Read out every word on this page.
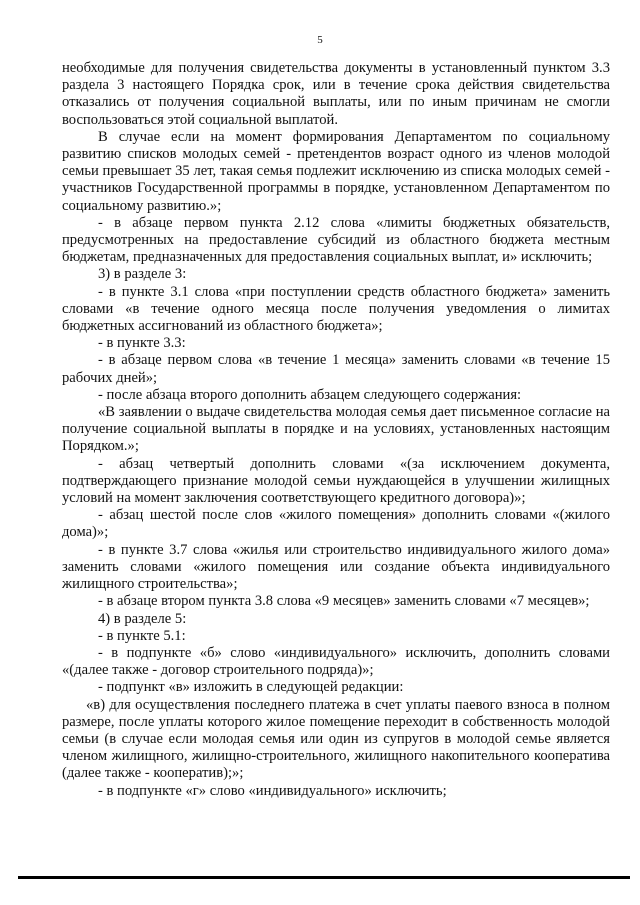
5

необходимые для получения свидетельства документы в установленный пунктом 3.3 раздела 3 настоящего Порядка срок, или в течение срока действия свидетельства отказались от получения социальной выплаты, или по иным причинам не смогли воспользоваться этой социальной выплатой.

В случае если на момент формирования Департаментом по социальному развитию списков молодых семей - претендентов возраст одного из членов молодой семьи превышает 35 лет, такая семья подлежит исключению из списка молодых семей - участников Государственной программы в порядке, установленном Департаментом по социальному развитию.»;

- в абзаце первом пункта 2.12 слова «лимиты бюджетных обязательств, предусмотренных на предоставление субсидий из областного бюджета местным бюджетам, предназначенных для предоставления социальных выплат, и» исключить;

3) в разделе 3:

- в пункте 3.1 слова «при поступлении средств областного бюджета» заменить словами «в течение одного месяца после получения уведомления о лимитах бюджетных ассигнований из областного бюджета»;

- в пункте 3.3:

- в абзаце первом слова «в течение 1 месяца» заменить словами «в течение 15 рабочих дней»;

- после абзаца второго дополнить абзацем следующего содержания:

«В заявлении о выдаче свидетельства молодая семья дает письменное согласие на получение социальной выплаты в порядке и на условиях, установленных настоящим Порядком.»;

- абзац четвертый дополнить словами «(за исключением документа, подтверждающего признание молодой семьи нуждающейся в улучшении жилищных условий на момент заключения соответствующего кредитного договора)»;

- абзац шестой после слов «жилого помещения» дополнить словами «(жилого дома)»;

- в пункте 3.7 слова «жилья или строительство индивидуального жилого дома» заменить словами «жилого помещения или создание объекта индивидуального жилищного строительства»;

- в абзаце втором пункта 3.8 слова «9 месяцев» заменить словами «7 месяцев»;

4) в разделе 5:

- в пункте 5.1:

- в подпункте «б» слово «индивидуального» исключить, дополнить словами «(далее также - договор строительного подряда)»;

- подпункт «в» изложить в следующей редакции:

«в) для осуществления последнего платежа в счет уплаты паевого взноса в полном размере, после уплаты которого жилое помещение переходит в собственность молодой семьи (в случае если молодая семья или один из супругов в молодой семье является членом жилищного, жилищно-строительного, жилищного накопительного кооператива (далее также - кооператив);»;

- в подпункте «г» слово «индивидуального» исключить;
